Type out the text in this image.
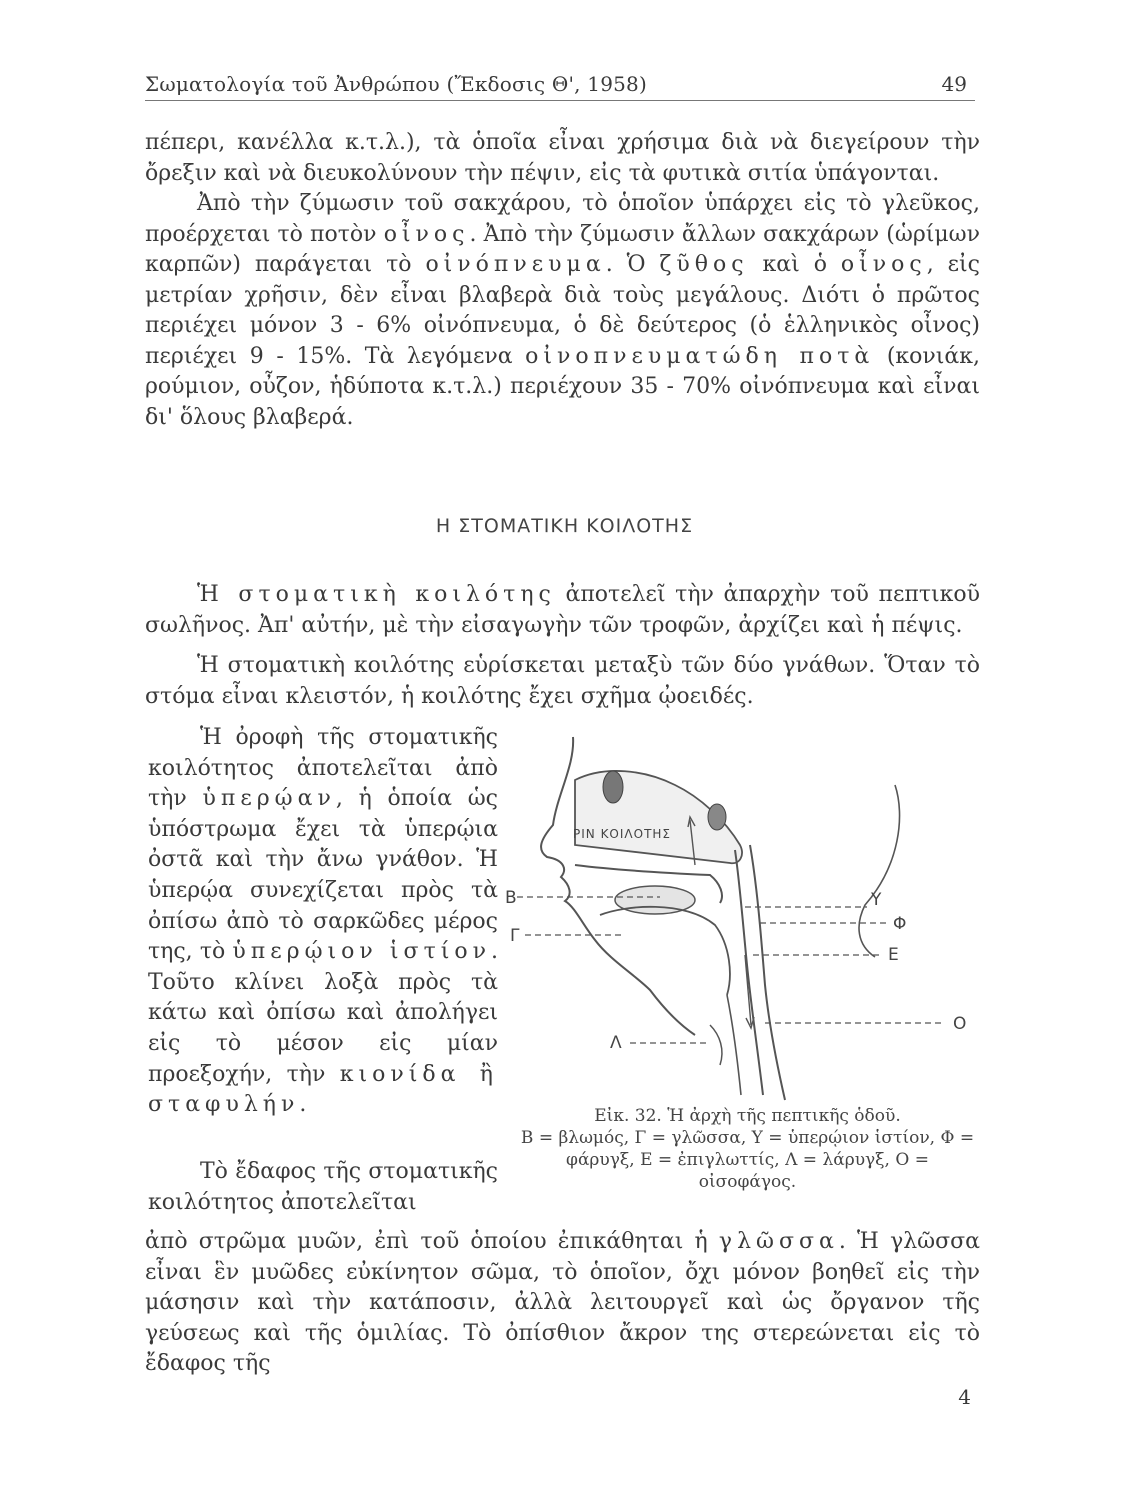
Σωματολογία τοῦ Ἀνθρώπου (Ἔκδοσις Θ', 1958)	49

πέπερι, κανέλλα κ.τ.λ.), τὰ ὁποῖα εἶναι χρήσιμα διὰ νὰ διεγείρουν τὴν ὄρεξιν καὶ νὰ διευκολύνουν τὴν πέψιν, εἰς τὰ φυτικὰ σιτία ὑπάγονται.

Ἀπὸ τὴν ζύμωσιν τοῦ σακχάρου, τὸ ὁποῖον ὑπάρχει εἰς τὸ γλεῦκος, προέρχεται τὸ ποτὸν οἶνος. Ἀπὸ τὴν ζύμωσιν ἄλλων σακχάρων (ὡρίμων καρπῶν) παράγεται τὸ οἰνόπνευμα. Ὁ ζῦθος καὶ ὁ οἶνος, εἰς μετρίαν χρῆσιν, δὲν εἶναι βλαβερὰ διὰ τοὺς μεγάλους. Διότι ὁ πρῶτος περιέχει μόνον 3 - 6% οἰνόπνευμα, ὁ δὲ δεύτερος (ὁ ἑλληνικὸς οἶνος) περιέχει 9 - 15%. Τὰ λεγόμενα οἰνοπνευματώδη ποτὰ (κονιάκ, ρούμιον, οὖζον, ἡδύποτα κ.τ.λ.) περιέχουν 35 - 70% οἰνόπνευμα καὶ εἶναι δι' ὅλους βλαβερά.

Η ΣΤΟΜΑΤΙΚΗ ΚΟΙΛΟΤΗΣ

Ἡ στοματικὴ κοιλότης ἀποτελεῖ τὴν ἀπαρχὴν τοῦ πεπτικοῦ σωλῆνος. Ἀπ' αὐτήν, μὲ τὴν εἰσαγωγὴν τῶν τροφῶν, ἀρχίζει καὶ ἡ πέψις.

Ἡ στοματικὴ κοιλότης εὑρίσκεται μεταξὺ τῶν δύο γνάθων. Ὅταν τὸ στόμα εἶναι κλειστόν, ἡ κοιλότης ἔχει σχῆμα ᾠοειδές.

Ἡ ὀροφὴ τῆς στοματικῆς κοιλότητος ἀποτελεῖται ἀπὸ τὴν ὑπερῴαν, ἡ ὁποία ὡς ὑπόστρωμα ἔχει τὰ ὑπερῴια ὀστᾶ καὶ τὴν ἄνω γνάθον. Ἡ ὑπερῴα συνεχίζεται πρὸς τὰ ὀπίσω ἀπὸ τὸ σαρκῶδες μέρος της, τὸ ὑπερῴιον ἱστίον. Τοῦτο κλίνει λοξὰ πρὸς τὰ κάτω καὶ ὀπίσω καὶ ἀπολήγει εἰς τὸ μέσον εἰς μίαν προεξοχήν, τὴν κιονίδα ἢ σταφυλήν.

Τὸ ἔδαφος τῆς στοματικῆς κοιλότητος ἀποτελεῖται

ΡΙΝ ΚΟΙΛΟΤΗΣ
Β
Γ
Υ
Φ
Ε
Ο
Λ
Εἰκ. 32. Ἡ ἀρχὴ τῆς πεπτικῆς ὁδοῦ.
Β = βλωμός, Γ = γλῶσσα, Υ = ὑπερῴιον ἱστίον, Φ = φάρυγξ, Ε = ἐπιγλωττίς, Λ = λάρυγξ, Ο = οἰσοφάγος.

ἀπὸ στρῶμα μυῶν, ἐπὶ τοῦ ὁποίου ἐπικάθηται ἡ γλῶσσα. Ἡ γλῶσσα εἶναι ἓν μυῶδες εὐκίνητον σῶμα, τὸ ὁποῖον, ὄχι μόνον βοηθεῖ εἰς τὴν μάσησιν καὶ τὴν κατάποσιν, ἀλλὰ λειτουργεῖ καὶ ὡς ὄργανον τῆς γεύσεως καὶ τῆς ὁμιλίας. Τὸ ὀπίσθιον ἄκρον της στερεώνεται εἰς τὸ ἔδαφος τῆς

4
